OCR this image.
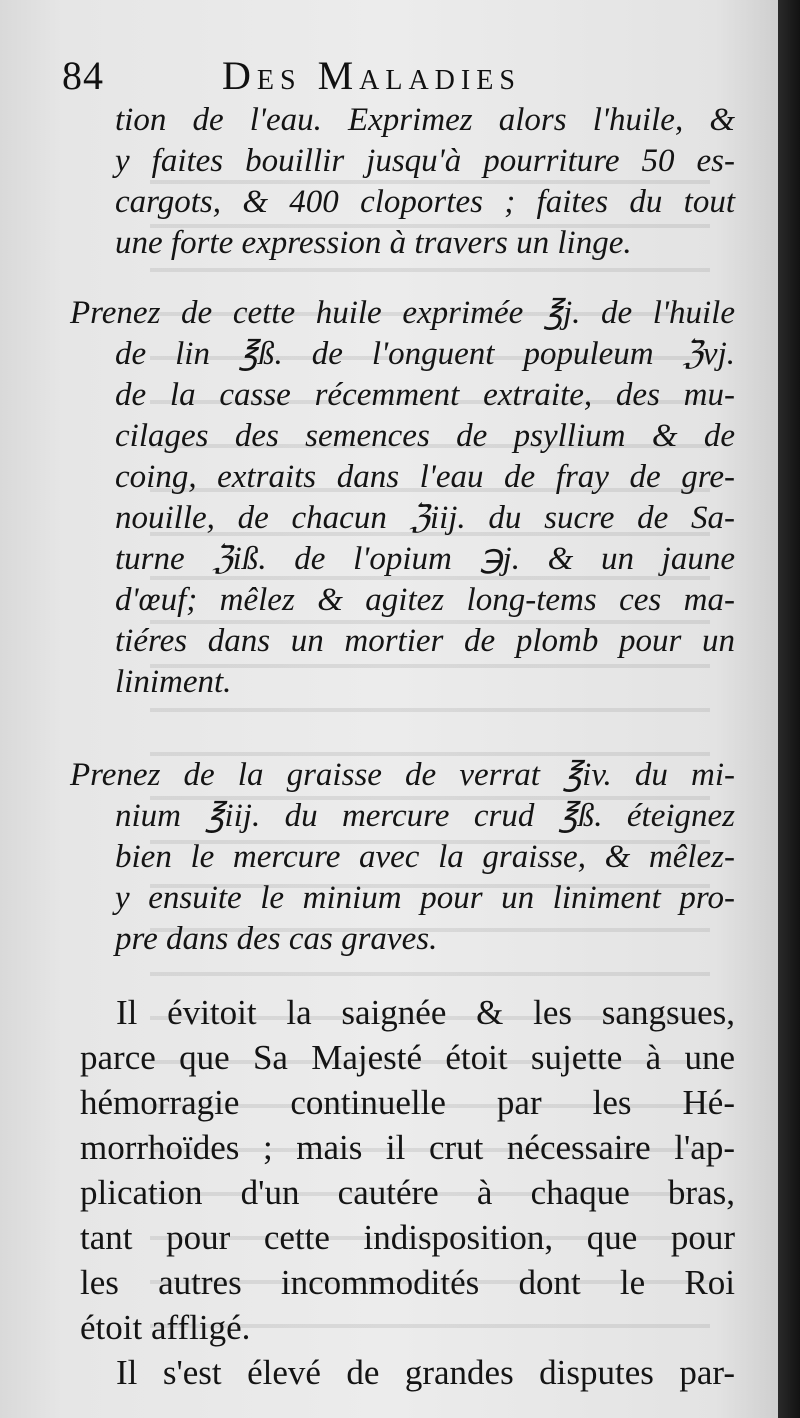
84	Des Maladies
tion de l'eau. Exprimez alors l'huile, &
y faites bouillir jusqu'à pourriture 50 es-
cargots, & 400 cloportes ; faites du tout
une forte expression à travers un linge.
Prenez de cette huile exprimée ℥j. de l'huile
de lin ℥ß. de l'onguent populeum ℨvj.
de la casse récemment extraite, des mu-
cilages des semences de psyllium & de
coing, extraits dans l'eau de fray de gre-
nouille, de chacun ℨiij. du sucre de Sa-
turne ℨiß. de l'opium ℈j. & un jaune
d'œuf; mêlez & agitez long-tems ces ma-
tiéres dans un mortier de plomb pour un
liniment.
Prenez de la graisse de verrat ℥iv. du mi-
nium ℥iij. du mercure crud ℥ß. éteignez
bien le mercure avec la graisse, & mêlez-
y ensuite le minium pour un liniment pro-
pre dans des cas graves.
Il évitoit la saignée & les sangsues,
parce que Sa Majesté étoit sujette à une
hémorragie continuelle par les Hé-
morrhoïdes ; mais il crut nécessaire l'ap-
plication d'un cautére à chaque bras,
tant pour cette indisposition, que pour
les autres incommodités dont le Roi
étoit affligé.
Il s'est élevé de grandes disputes par-
